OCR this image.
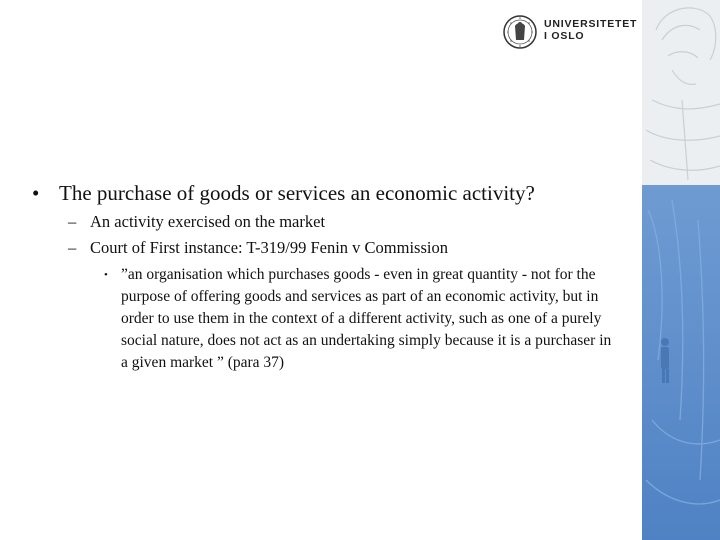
UNIVERSITETET
I OSLO
• The purchase of goods or services an economic activity?
– An activity exercised on the market
– Court of First instance: T-319/99 Fenin v Commission
• ”an organisation which purchases goods - even in great quantity - not for the purpose of offering goods and services as part of an economic activity, but in order to use them in the context of a different activity, such as one of a purely social nature, does not act as an undertaking simply because it is a purchaser in a given market ” (para 37)
